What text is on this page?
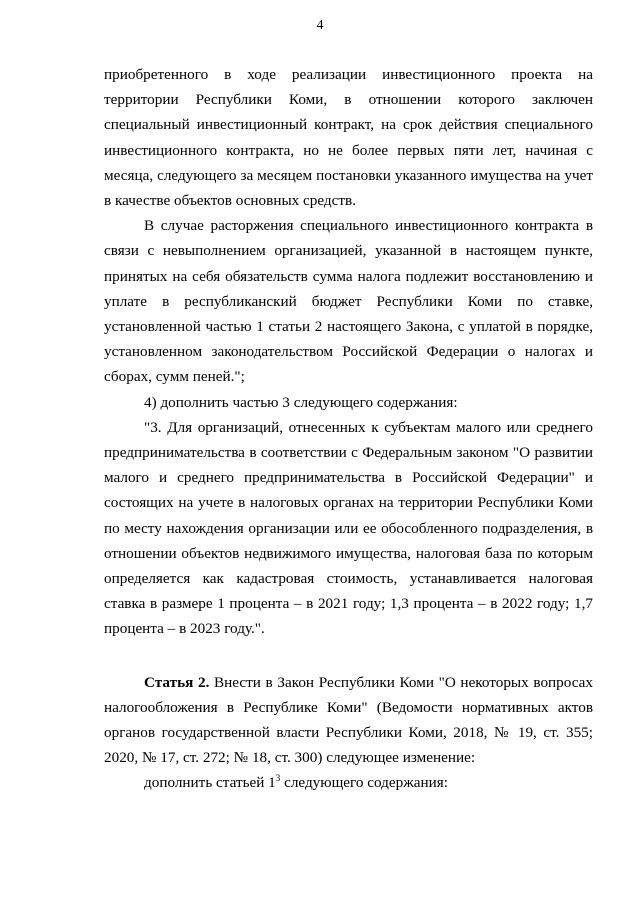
4

приобретенного в ходе реализации инвестиционного проекта на территории Республики Коми, в отношении которого заключен специальный инвестиционный контракт, на срок действия специального инвестиционного контракта, но не более первых пяти лет, начиная с месяца, следующего за месяцем постановки указанного имущества на учет в качестве объектов основных средств.

В случае расторжения специального инвестиционного контракта в связи с невыполнением организацией, указанной в настоящем пункте, принятых на себя обязательств сумма налога подлежит восстановлению и уплате в республиканский бюджет Республики Коми по ставке, установленной частью 1 статьи 2 настоящего Закона, с уплатой в порядке, установленном законодательством Российской Федерации о налогах и сборах, сумм пеней.";

4) дополнить частью 3 следующего содержания:

"3. Для организаций, отнесенных к субъектам малого или среднего предпринимательства в соответствии с Федеральным законом "О развитии малого и среднего предпринимательства в Российской Федерации" и состоящих на учете в налоговых органах на территории Республики Коми по месту нахождения организации или ее обособленного подразделения, в отношении объектов недвижимого имущества, налоговая база по которым определяется как кадастровая стоимость, устанавливается налоговая ставка в размере 1 процента – в 2021 году; 1,3 процента – в 2022 году; 1,7 процента – в 2023 году.".

Статья 2. Внести в Закон Республики Коми "О некоторых вопросах налогообложения в Республике Коми" (Ведомости нормативных актов органов государственной власти Республики Коми, 2018, № 19, ст. 355; 2020, № 17, ст. 272; № 18, ст. 300) следующее изменение:

дополнить статьей $1^3$ следующего содержания:
